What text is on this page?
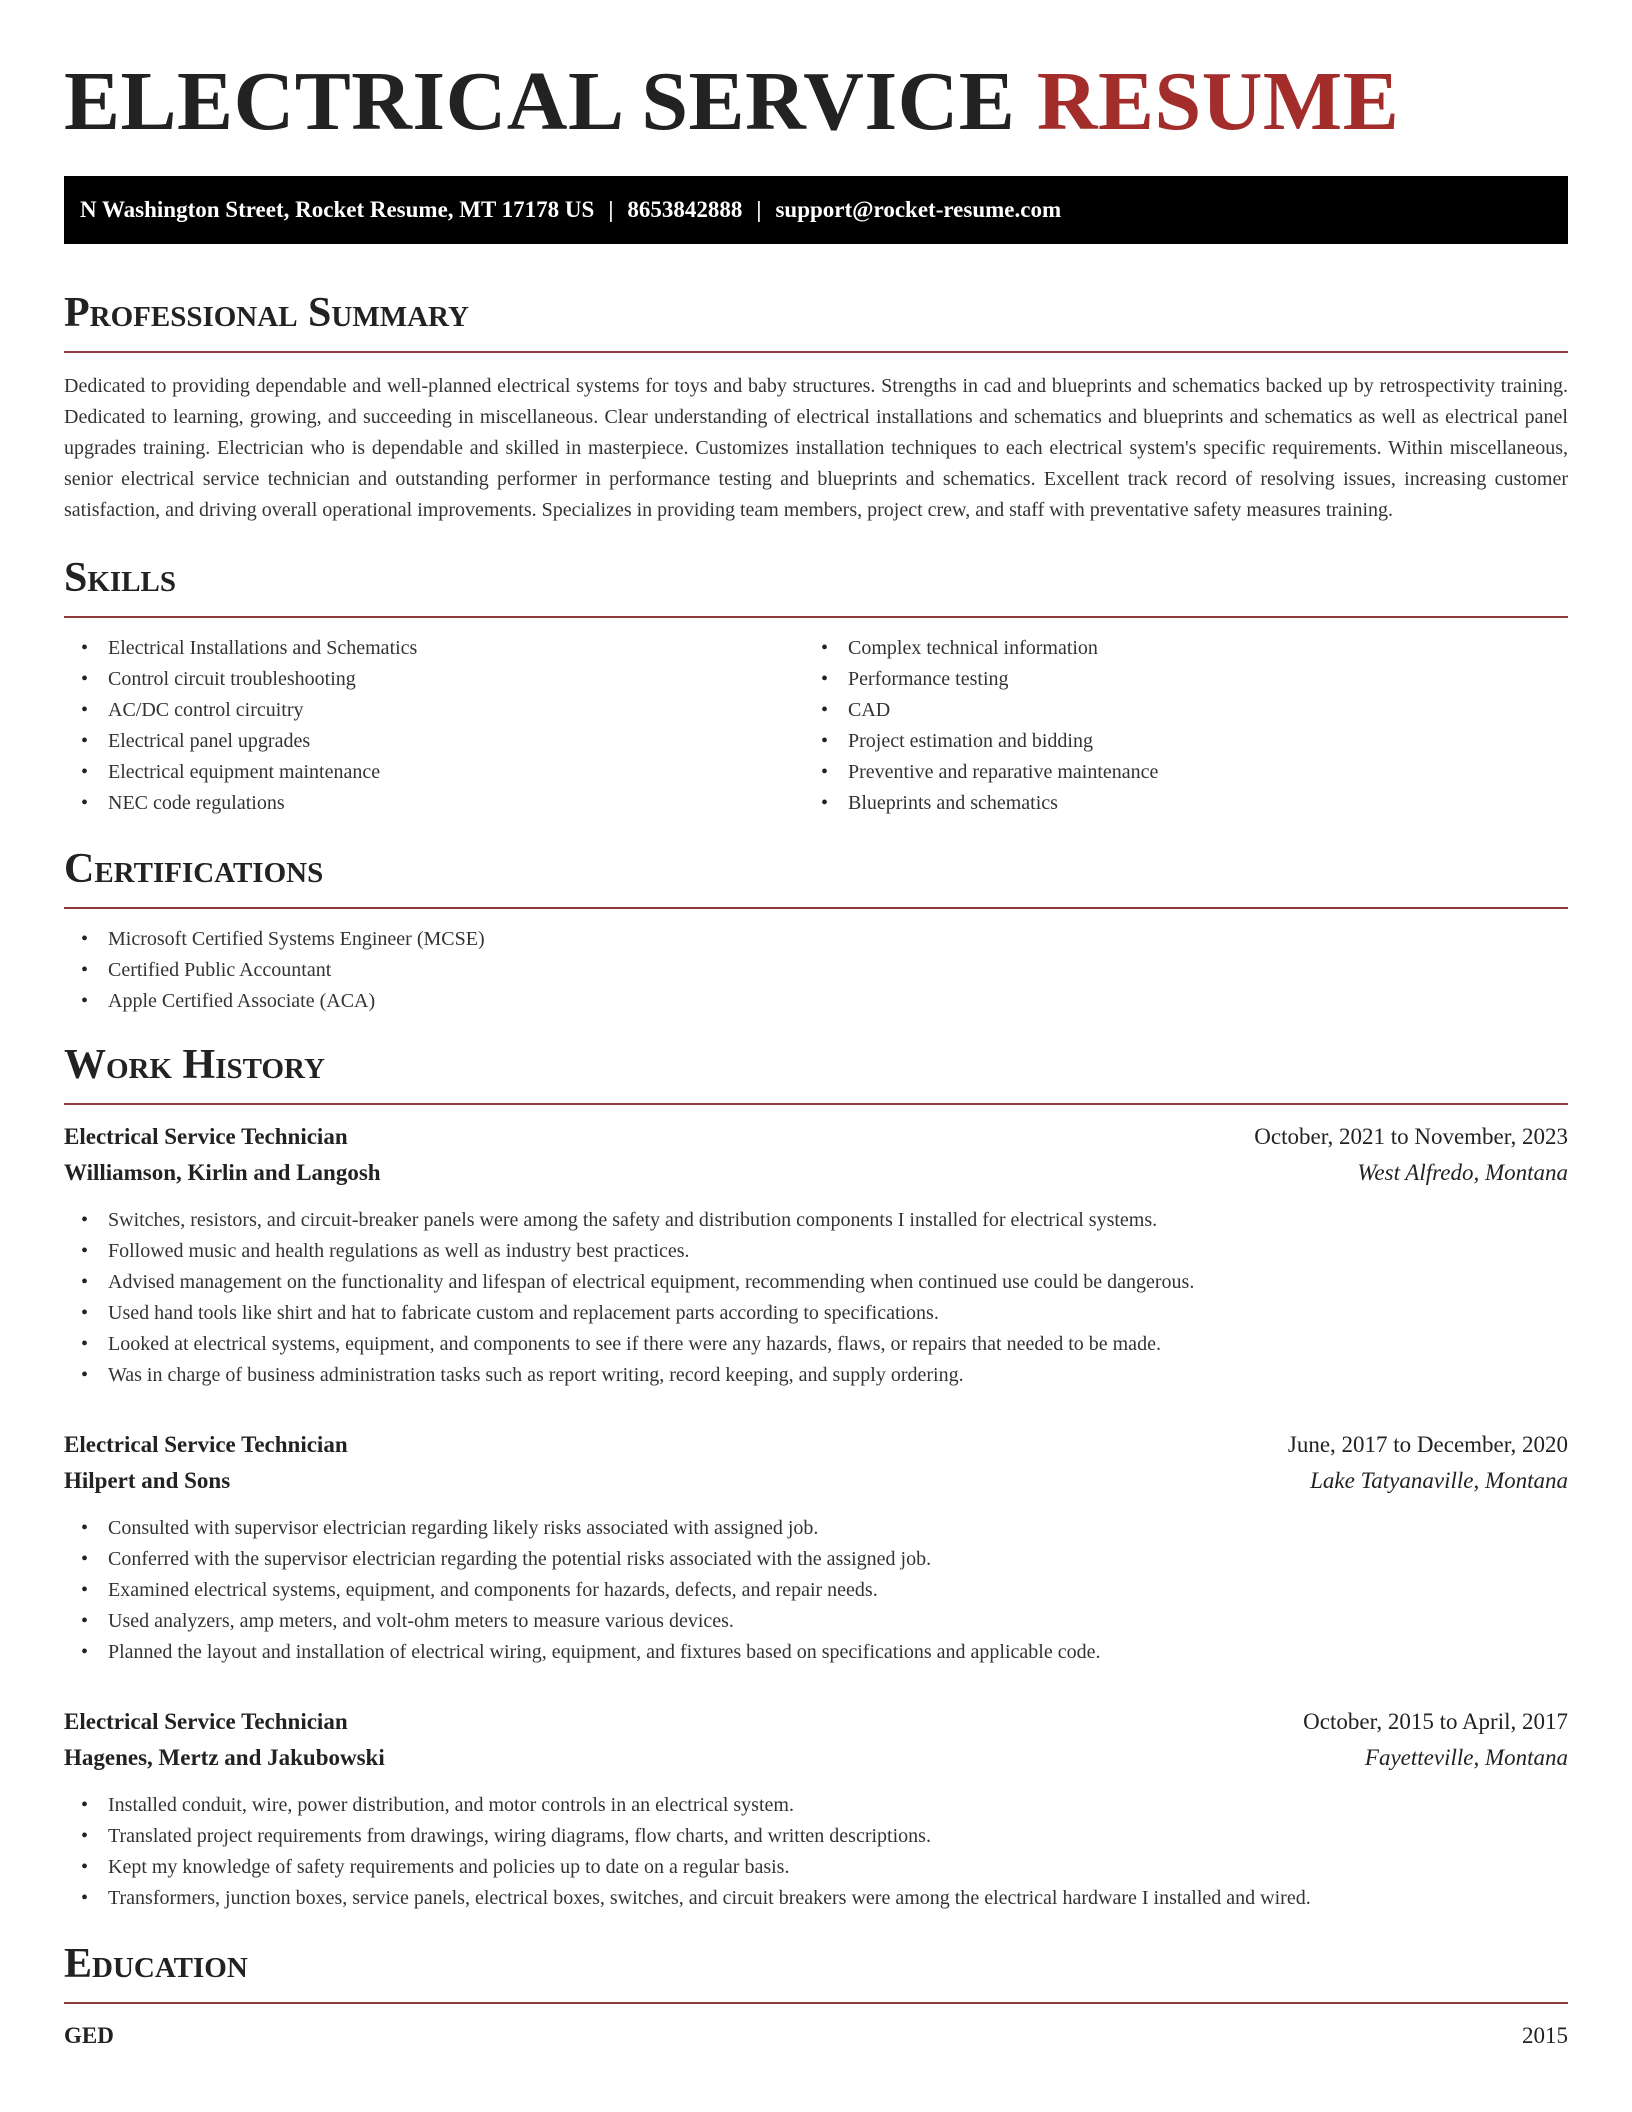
ELECTRICAL SERVICE RESUME
N Washington Street, Rocket Resume, MT 17178 US | 8653842888 | support@rocket-resume.com
Professional Summary

Dedicated to providing dependable and well-planned electrical systems for toys and baby structures. Strengths in cad and blueprints and schematics backed up by retrospectivity training. Dedicated to learning, growing, and succeeding in miscellaneous. Clear understanding of electrical installations and schematics and blueprints and schematics as well as electrical panel upgrades training. Electrician who is dependable and skilled in masterpiece. Customizes installation techniques to each electrical system's specific requirements. Within miscellaneous, senior electrical service technician and outstanding performer in performance testing and blueprints and schematics. Excellent track record of resolving issues, increasing customer satisfaction, and driving overall operational improvements. Specializes in providing team members, project crew, and staff with preventative safety measures training.

Skills
• Electrical Installations and Schematics
• Control circuit troubleshooting
• AC/DC control circuitry
• Electrical panel upgrades
• Electrical equipment maintenance
• NEC code regulations
• Complex technical information
• Performance testing
• CAD
• Project estimation and bidding
• Preventive and reparative maintenance
• Blueprints and schematics
Certifications
• Microsoft Certified Systems Engineer (MCSE)
• Certified Public Accountant
• Apple Certified Associate (ACA)
Work History
Electrical Service Technician	October, 2021 to November, 2023
Williamson, Kirlin and Langosh	West Alfredo, Montana
• Switches, resistors, and circuit-breaker panels were among the safety and distribution components I installed for electrical systems.
• Followed music and health regulations as well as industry best practices.
• Advised management on the functionality and lifespan of electrical equipment, recommending when continued use could be dangerous.
• Used hand tools like shirt and hat to fabricate custom and replacement parts according to specifications.
• Looked at electrical systems, equipment, and components to see if there were any hazards, flaws, or repairs that needed to be made.
• Was in charge of business administration tasks such as report writing, record keeping, and supply ordering.
Electrical Service Technician	June, 2017 to December, 2020
Hilpert and Sons	Lake Tatyanaville, Montana
• Consulted with supervisor electrician regarding likely risks associated with assigned job.
• Conferred with the supervisor electrician regarding the potential risks associated with the assigned job.
• Examined electrical systems, equipment, and components for hazards, defects, and repair needs.
• Used analyzers, amp meters, and volt-ohm meters to measure various devices.
• Planned the layout and installation of electrical wiring, equipment, and fixtures based on specifications and applicable code.
Electrical Service Technician	October, 2015 to April, 2017
Hagenes, Mertz and Jakubowski	Fayetteville, Montana
• Installed conduit, wire, power distribution, and motor controls in an electrical system.
• Translated project requirements from drawings, wiring diagrams, flow charts, and written descriptions.
• Kept my knowledge of safety requirements and policies up to date on a regular basis.
• Transformers, junction boxes, service panels, electrical boxes, switches, and circuit breakers were among the electrical hardware I installed and wired.
Education
GED	2015
